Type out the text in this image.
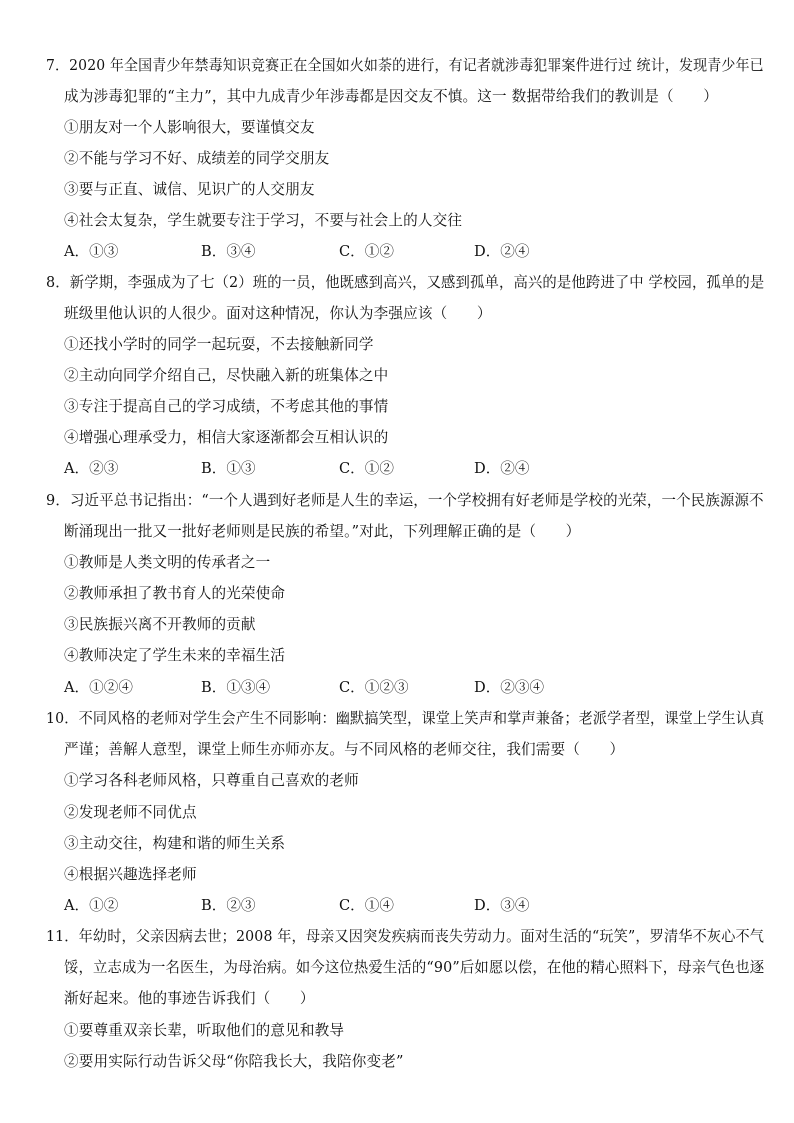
7．2020 年全国青少年禁毒知识竞赛正在全国如火如荼的进行，有记者就涉毒犯罪案件进行过 统计，发现青少年已
成为涉毒犯罪的“主力”，其中九成青少年涉毒都是因交友不慎。这一 数据带给我们的教训是（　　）
①朋友对一个人影响很大，要谨慎交友
②不能与学习不好、成绩差的同学交朋友
③要与正直、诚信、见识广的人交朋友
④社会太复杂，学生就要专注于学习，不要与社会上的人交往
A．①③	B．③④	C．①②	D．②④
8．新学期，李强成为了七（2）班的一员，他既感到高兴，又感到孤单，高兴的是他跨进了中 学校园，孤单的是
班级里他认识的人很少。面对这种情况，你认为李强应该（　　）
①还找小学时的同学一起玩耍，不去接触新同学
②主动向同学介绍自己，尽快融入新的班集体之中
③专注于提高自己的学习成绩，不考虑其他的事情
④增强心理承受力，相信大家逐渐都会互相认识的
A．②③	B．①③	C．①②	D．②④
9．习近平总书记指出：“一个人遇到好老师是人生的幸运，一个学校拥有好老师是学校的光荣，一个民族源源不
断涌现出一批又一批好老师则是民族的希望。”对此，下列理解正确的是（　　）
①教师是人类文明的传承者之一
②教师承担了教书育人的光荣使命
③民族振兴离不开教师的贡献
④教师决定了学生未来的幸福生活
A．①②④	B．①③④	C．①②③	D．②③④
10．不同风格的老师对学生会产生不同影响：幽默搞笑型，课堂上笑声和掌声兼备；老派学者型，课堂上学生认真
严谨；善解人意型，课堂上师生亦师亦友。与不同风格的老师交往，我们需要（　　）
①学习各科老师风格，只尊重自己喜欢的老师
②发现老师不同优点
③主动交往，构建和谐的师生关系
④根据兴趣选择老师
A．①②	B．②③	C．①④	D．③④
11．年幼时，父亲因病去世；2008 年，母亲又因突发疾病而丧失劳动力。面对生活的“玩笑”，罗清华不灰心不气
馁，立志成为一名医生，为母治病。如今这位热爱生活的“90”后如愿以偿，在他的精心照料下，母亲气色也逐
渐好起来。他的事迹告诉我们（　　）
①要尊重双亲长辈，听取他们的意见和教导
②要用实际行动告诉父母“你陪我长大，我陪你变老”
